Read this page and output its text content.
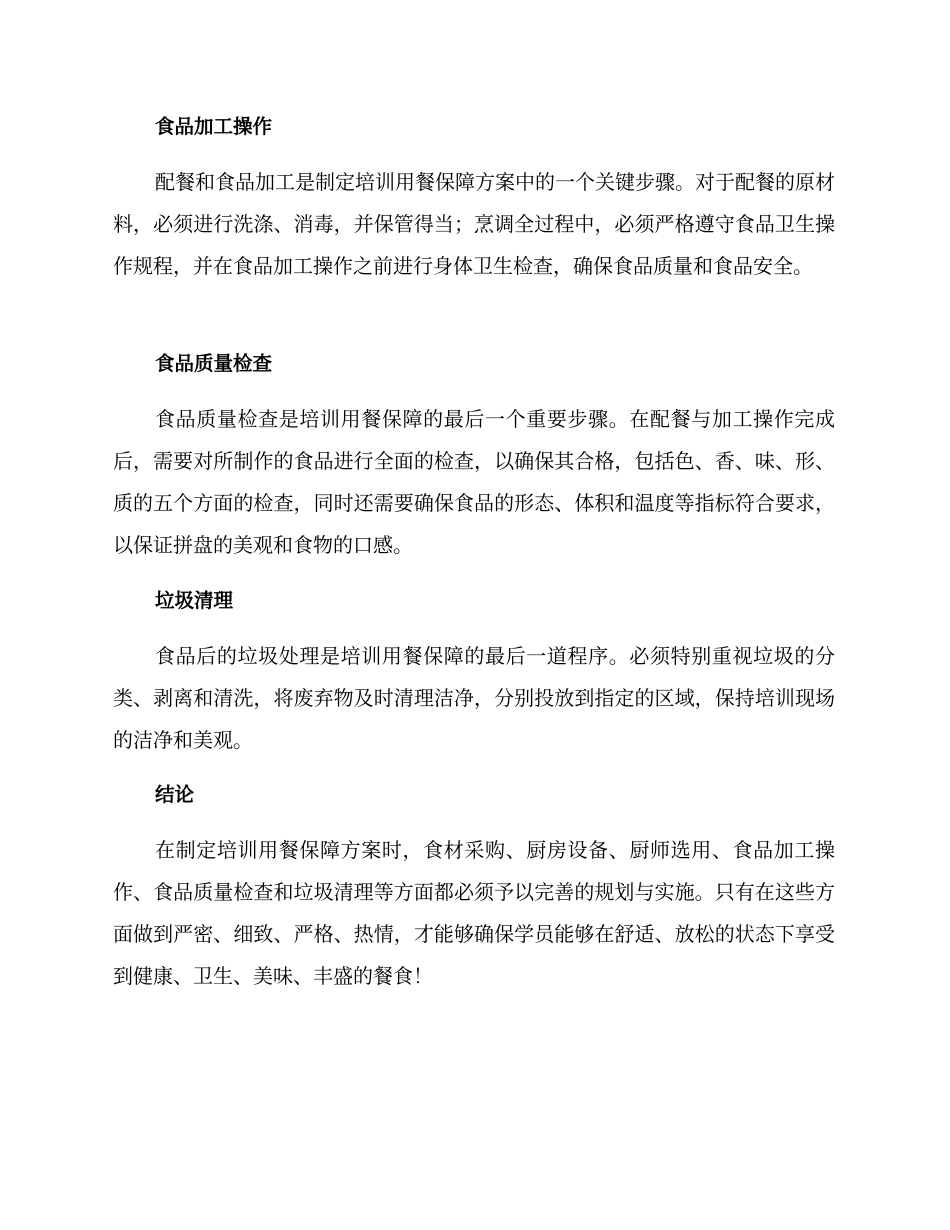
食品加工操作

配餐和食品加工是制定培训用餐保障方案中的一个关键步骤。对于配餐的原材料，必须进行洗涤、消毒，并保管得当；烹调全过程中，必须严格遵守食品卫生操作规程，并在食品加工操作之前进行身体卫生检查，确保食品质量和食品安全。

食品质量检查

食品质量检查是培训用餐保障的最后一个重要步骤。在配餐与加工操作完成后，需要对所制作的食品进行全面的检查，以确保其合格，包括色、香、味、形、质的五个方面的检查，同时还需要确保食品的形态、体积和温度等指标符合要求，以保证拼盘的美观和食物的口感。

垃圾清理

食品后的垃圾处理是培训用餐保障的最后一道程序。必须特别重视垃圾的分类、剥离和清洗，将废弃物及时清理洁净，分别投放到指定的区域，保持培训现场的洁净和美观。

结论

在制定培训用餐保障方案时，食材采购、厨房设备、厨师选用、食品加工操作、食品质量检查和垃圾清理等方面都必须予以完善的规划与实施。只有在这些方面做到严密、细致、严格、热情，才能够确保学员能够在舒适、放松的状态下享受到健康、卫生、美味、丰盛的餐食！
